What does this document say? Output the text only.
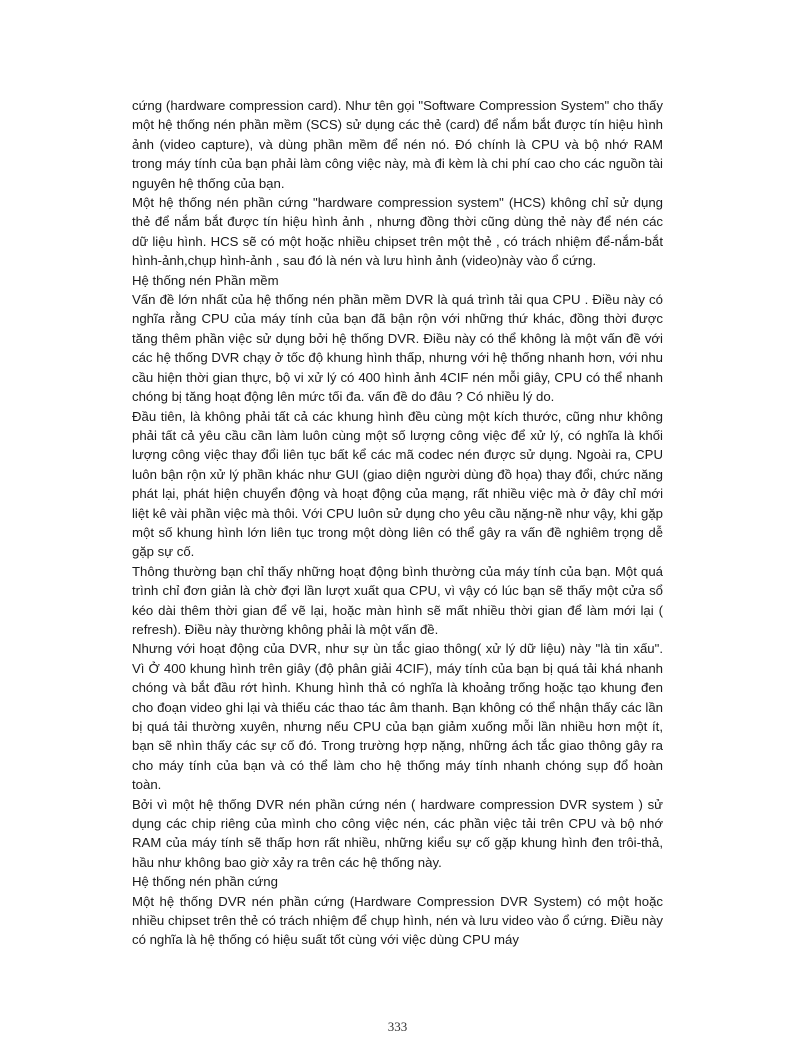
cứng (hardware compression card). Như tên gọi "Software Compression System" cho thấy một hệ thống nén phần mềm (SCS) sử dụng các thẻ (card) để nắm bắt được tín hiệu hình ảnh (video capture), và dùng phần mềm để nén nó. Đó chính là CPU và bộ nhớ RAM trong máy tính của bạn phải làm công việc này, mà đi kèm là chi phí cao cho các nguồn tài nguyên hệ thống của bạn.

Một hệ thống nén phần cứng "hardware compression system" (HCS) không chỉ sử dụng thẻ để nắm bắt được tín hiệu hình ảnh , nhưng đồng thời cũng dùng thẻ này để nén các dữ liệu hình. HCS sẽ có một hoặc nhiều chipset trên một thẻ , có trách nhiệm để-nắm-bắt hình-ảnh,chụp hình-ảnh , sau đó là nén và lưu hình ảnh (video)này vào ổ cứng.

Hệ thống nén Phần mềm

Vấn đề lớn nhất của hệ thống nén phần mềm DVR là quá trình tải qua CPU . Điều này có nghĩa rằng CPU của máy tính của bạn đã bận rộn với những thứ khác, đồng thời được tăng thêm phần việc sử dụng bởi hệ thống DVR. Điều này có thể không là một vấn đề với các hệ thống DVR chạy ở tốc độ khung hình thấp, nhưng với hệ thống nhanh hơn, với nhu cầu hiện thời gian thực, bộ vi xử lý có 400 hình ảnh 4CIF nén mỗi giây, CPU có thể nhanh chóng bị tăng hoạt động lên mức tối đa. vấn đề do đâu ? Có nhiều lý do.

Đầu tiên, là không phải tất cả các khung hình đều cùng một kích thước, cũng như không phải tất cả yêu cầu cần làm luôn cùng một số lượng công việc để xử lý, có nghĩa là khối lượng công việc thay đổi liên tục bất kể các mã codec nén được sử dụng. Ngoài ra, CPU luôn bận rộn xử lý phần khác như GUI (giao diện người dùng đồ họa) thay đổi, chức năng phát lại, phát hiện chuyển động và hoạt động của mạng, rất nhiều việc mà ở đây chỉ mới liệt kê vài phần việc mà thôi. Với CPU luôn sử dụng cho yêu cầu nặng-nề như vậy, khi gặp một số khung hình lớn liên tục trong một dòng liên có thể gây ra vấn đề nghiêm trọng dễ gặp sự cố.

Thông thường bạn chỉ thấy những hoạt động bình thường của máy tính của bạn. Một quá trình chỉ đơn giản là chờ đợi lần lượt xuất qua CPU, vì vậy có lúc bạn sẽ thấy một cửa sổ kéo dài thêm thời gian để vẽ lại, hoặc màn hình sẽ mất nhiều thời gian để làm mới lại ( refresh). Điều này thường không phải là một vấn đề.

Nhưng với hoạt động của DVR, như sự ùn tắc giao thông( xử lý dữ liệu) này "là tin xấu". Vì Ở 400 khung hình trên giây (độ phân giải 4CIF), máy tính của bạn bị quá tải khá nhanh chóng và bắt đầu rớt hình. Khung hình thả có nghĩa là khoảng trống hoặc tạo khung đen cho đoạn video ghi lại và thiếu các thao tác âm thanh. Bạn không có thể nhận thấy các lần bị quá tải thường xuyên, nhưng nếu CPU của bạn giảm xuống mỗi lần nhiều hơn một ít, bạn sẽ nhìn thấy các sự cố đó. Trong trường hợp nặng, những ách tắc giao thông gây ra cho máy tính của bạn và có thể làm cho hệ thống máy tính nhanh chóng sụp đổ hoàn toàn.

Bởi vì một hệ thống DVR nén phần cứng nén ( hardware compression DVR system ) sử dụng các chip riêng của mình cho công việc nén, các phần việc tải trên CPU và bộ nhớ RAM của máy tính sẽ thấp hơn rất nhiều, những kiểu sự cố gặp khung hình đen trôi-thả, hầu như không bao giờ xảy ra trên các hệ thống này.

Hệ thống nén phần cứng

Một hệ thống DVR nén phần cứng (Hardware Compression DVR System) có một hoặc nhiều chipset trên thẻ có trách nhiệm để chụp hình, nén và lưu video vào ổ cứng. Điều này có nghĩa là hệ thống có hiệu suất tốt cùng với việc dùng CPU máy

333
